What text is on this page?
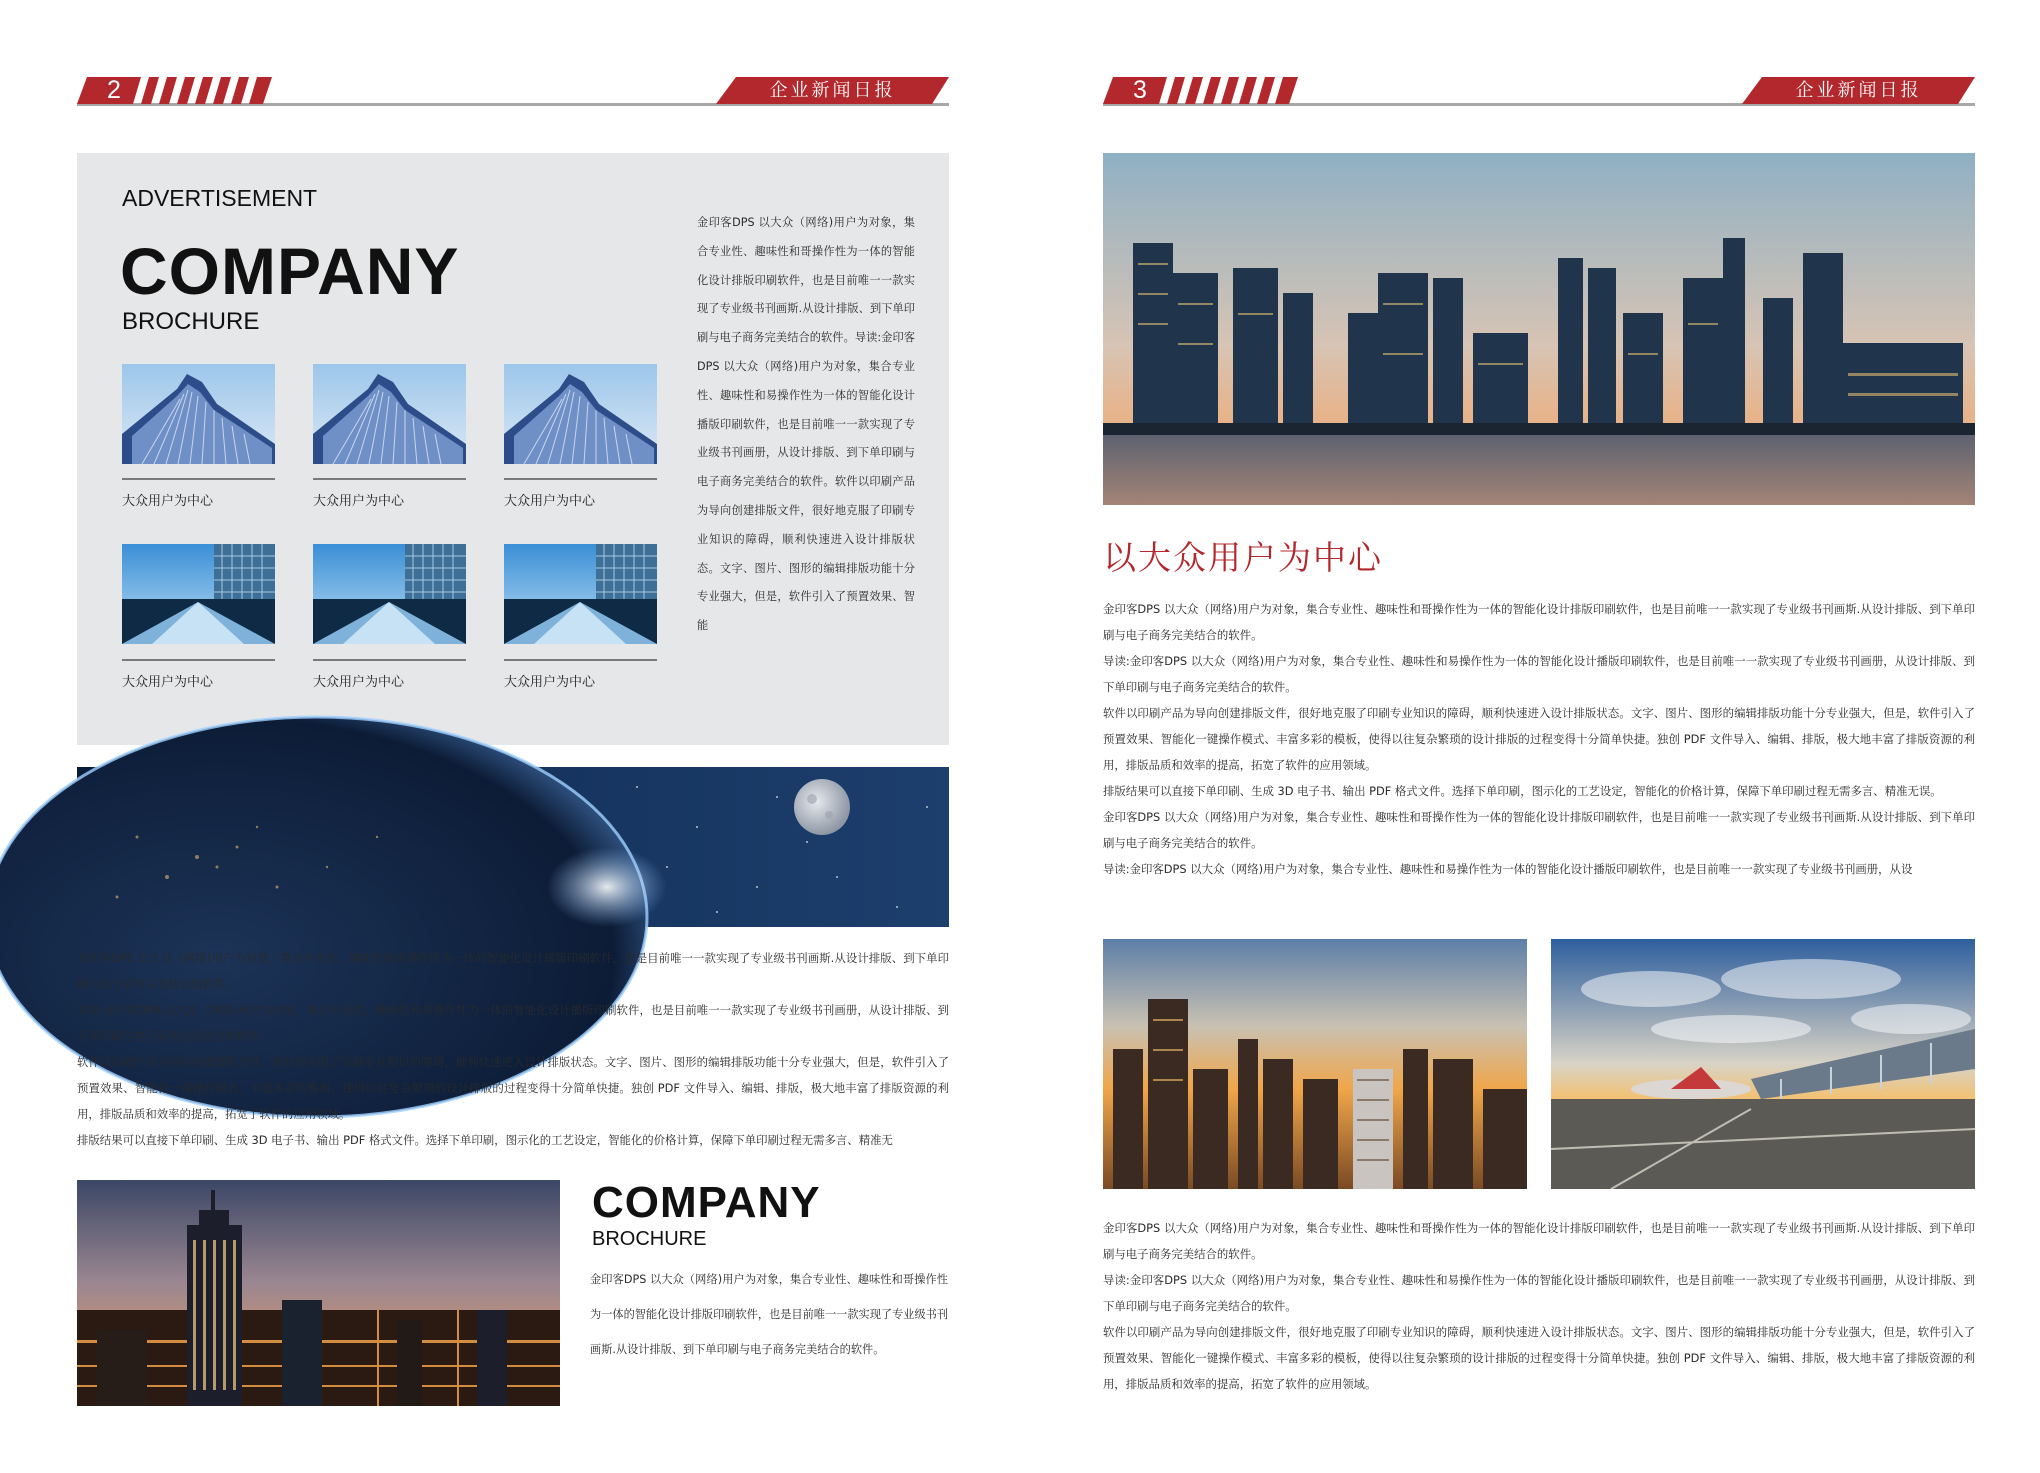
2	企业新闻日报
ADVERTISEMENT
COMPANY
BROCHURE
大众用户为中心	大众用户为中心	大众用户为中心
大众用户为中心	大众用户为中心	大众用户为中心
金印客DPS 以大众（网络)用户为对象，集合专业性、趣味性和哥操作性为一体的智能化设计排版印刷软件，也是目前唯一一款实现了专业级书刊画斯.从设计排版、到下单印刷与电子商务完美结合的软件。导读:金印客DPS 以大众（网络)用户为对象，集合专业性、趣味性和易操作性为一体的智能化设计播版印刷软件，也是目前唯一一款实现了专业级书刊画册，从设计排版、到下单印刷与电子商务完美结合的软件。软件以印刷产品为导向创建排版文件，很好地克服了印刷专业知识的障碍，顺利快速进入设计排版状态。文字、图片、图形的编辑排版功能十分专业强大，但是，软件引入了预置效果、智能

金印客DPS 以大众（网络)用户为对象，集合专业性、趣味性和哥操作性为一体的智能化设计排版印刷软件，也是目前唯一一款实现了专业级书刊画斯.从设计排版、到下单印刷与电子商务完美结合的软件。

导读:金印客DPS 以大众（网络)用户为对象，集合专业性、趣味性和易操作性为一体的智能化设计播版印刷软件，也是目前唯一一款实现了专业级书刊画册，从设计排版、到下单印刷与电子商务完美结合的软件。

软件以印刷产品为导向创建排版文件，很好地克服了印刷专业知识的障碍，顺利快速进入设计排版状态。文字、图片、图形的编辑排版功能十分专业强大，但是，软件引入了预置效果、智能化一键操作模式、丰富多彩的模板，使得以往复杂繁琐的设计排版的过程变得十分简单快捷。独创 PDF 文件导入、编辑、排版，极大地丰富了排版资源的利用，排版品质和效率的提高，拓宽了软件的应用领域。

排版结果可以直接下单印刷、生成 3D 电子书、输出 PDF 格式文件。选择下单印刷，图示化的工艺设定，智能化的价格计算，保障下单印刷过程无需多言、精准无

COMPANY
BROCHURE

金印客DPS 以大众（网络)用户为对象，集合专业性、趣味性和哥操作性为一体的智能化设计排版印刷软件，也是目前唯一一款实现了专业级书刊画斯.从设计排版、到下单印刷与电子商务完美结合的软件。

3	企业新闻日报
以大众用户为中心

金印客DPS 以大众（网络)用户为对象，集合专业性、趣味性和哥操作性为一体的智能化设计排版印刷软件，也是目前唯一一款实现了专业级书刊画斯.从设计排版、到下单印刷与电子商务完美结合的软件。

导读:金印客DPS 以大众（网络)用户为对象，集合专业性、趣味性和易操作性为一体的智能化设计播版印刷软件，也是目前唯一一款实现了专业级书刊画册，从设计排版、到下单印刷与电子商务完美结合的软件。

软件以印刷产品为导向创建排版文件，很好地克服了印刷专业知识的障碍，顺利快速进入设计排版状态。文字、图片、图形的编辑排版功能十分专业强大，但是，软件引入了预置效果、智能化一键操作模式、丰富多彩的模板，使得以往复杂繁琐的设计排版的过程变得十分简单快捷。独创 PDF 文件导入、编辑、排版，极大地丰富了排版资源的利用，排版品质和效率的提高，拓宽了软件的应用领域。

排版结果可以直接下单印刷、生成 3D 电子书、输出 PDF 格式文件。选择下单印刷，图示化的工艺设定，智能化的价格计算，保障下单印刷过程无需多言、精准无误。

金印客DPS 以大众（网络)用户为对象，集合专业性、趣味性和哥操作性为一体的智能化设计排版印刷软件，也是目前唯一一款实现了专业级书刊画斯.从设计排版、到下单印刷与电子商务完美结合的软件。

导读:金印客DPS 以大众（网络)用户为对象，集合专业性、趣味性和易操作性为一体的智能化设计播版印刷软件，也是目前唯一一款实现了专业级书刊画册，从设

金印客DPS 以大众（网络)用户为对象，集合专业性、趣味性和哥操作性为一体的智能化设计排版印刷软件，也是目前唯一一款实现了专业级书刊画斯.从设计排版、到下单印刷与电子商务完美结合的软件。

导读:金印客DPS 以大众（网络)用户为对象，集合专业性、趣味性和易操作性为一体的智能化设计播版印刷软件，也是目前唯一一款实现了专业级书刊画册，从设计排版、到下单印刷与电子商务完美结合的软件。

软件以印刷产品为导向创建排版文件，很好地克服了印刷专业知识的障碍，顺利快速进入设计排版状态。文字、图片、图形的编辑排版功能十分专业强大，但是，软件引入了预置效果、智能化一键操作模式、丰富多彩的模板，使得以往复杂繁琐的设计排版的过程变得十分简单快捷。独创 PDF 文件导入、编辑、排版，极大地丰富了排版资源的利用，排版品质和效率的提高，拓宽了软件的应用领域。
